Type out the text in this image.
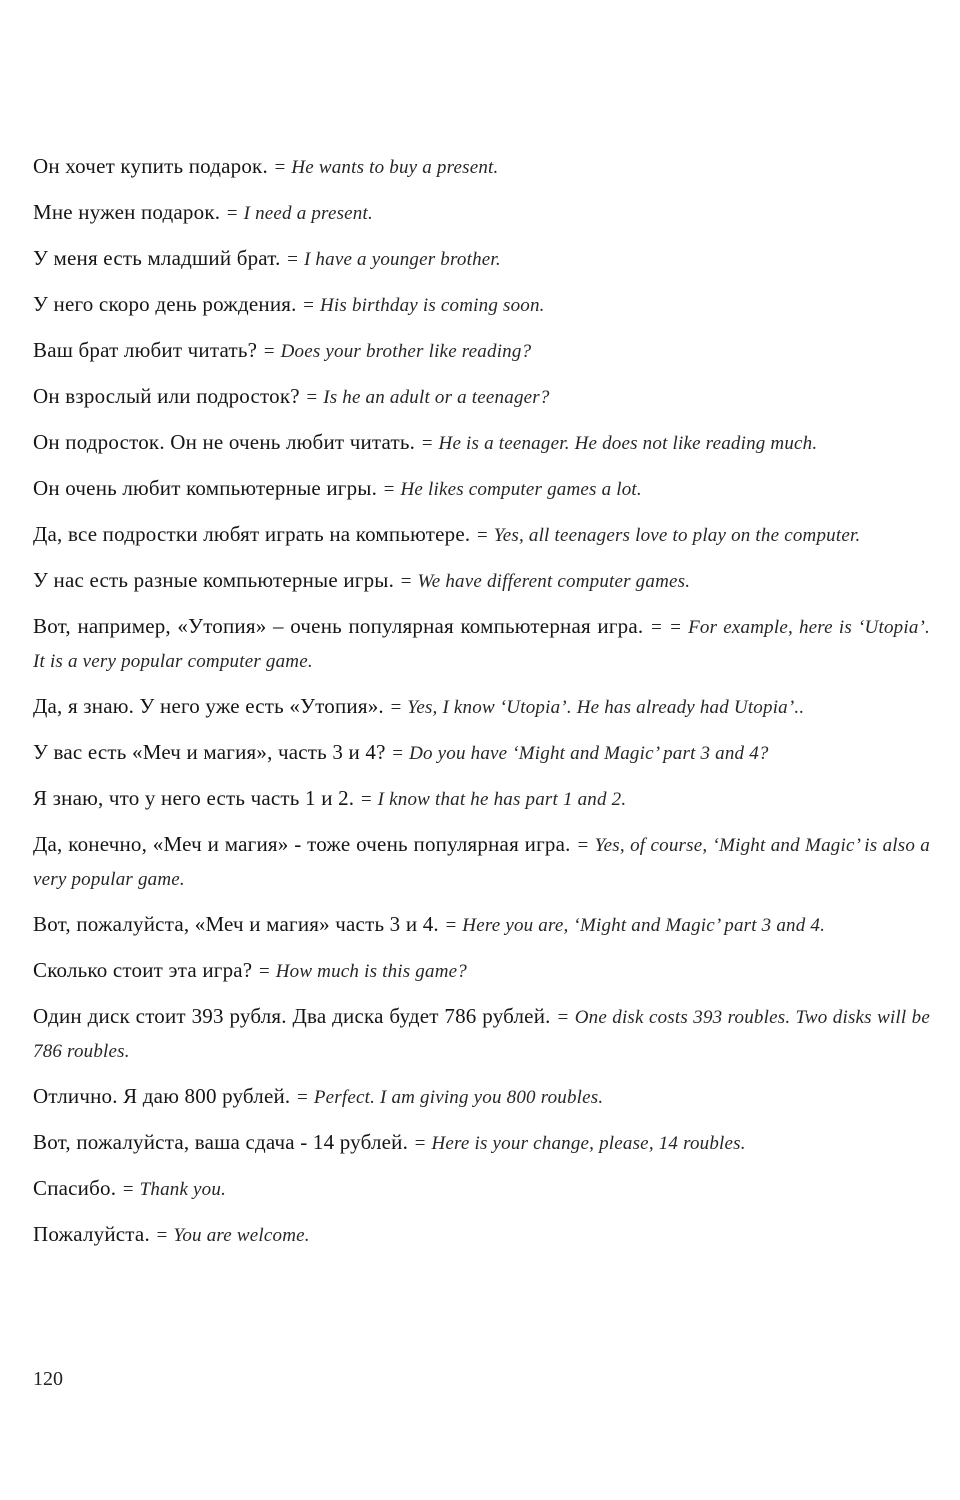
Он хочет купить подарок. = He wants to buy a present.

Мне нужен подарок. = I need a present.

У меня есть младший брат. = I have a younger brother.

У него скоро день рождения. = His birthday is coming soon.

Ваш брат любит читать? = Does your brother like reading?

Он взрослый или подросток? = Is he an adult or a teenager?

Он подросток. Он не очень любит читать. = He is a teenager. He does not like reading much.

Он очень любит компьютерные игры. = He likes computer games a lot.

Да, все подростки любят играть на компьютере. = Yes, all teenagers love to play on the computer.

У нас есть разные компьютерные игры. = We have different computer games.

Вот, например, «Утопия» – очень популярная компьютерная игра. = = For example, here is ‘Utopia’. It is a very popular computer game.

Да, я знаю. У него уже есть «Утопия». = Yes, I know ‘Utopia’. He has already had Utopia’..

У вас есть «Меч и магия», часть 3 и 4? = Do you have ‘Might and Magic’ part 3 and 4?

Я знаю, что у него есть часть 1 и 2. = I know that he has part 1 and 2.

Да, конечно, «Меч и магия» - тоже очень популярная игра. = Yes, of course, ‘Might and Magic’ is also a very popular game.

Вот, пожалуйста, «Меч и магия» часть 3 и 4. = Here you are, ‘Might and Magic’ part 3 and 4.

Сколько стоит эта игра? = How much is this game?

Один диск стоит 393 рубля. Два диска будет 786 рублей. = One disk costs 393 roubles. Two disks will be 786 roubles.

Отлично. Я даю 800 рублей. = Perfect. I am giving you 800 roubles.

Вот, пожалуйста, ваша сдача - 14 рублей. = Here is your change, please, 14 roubles.

Спасибо. = Thank you.

Пожалуйста. = You are welcome.

120
